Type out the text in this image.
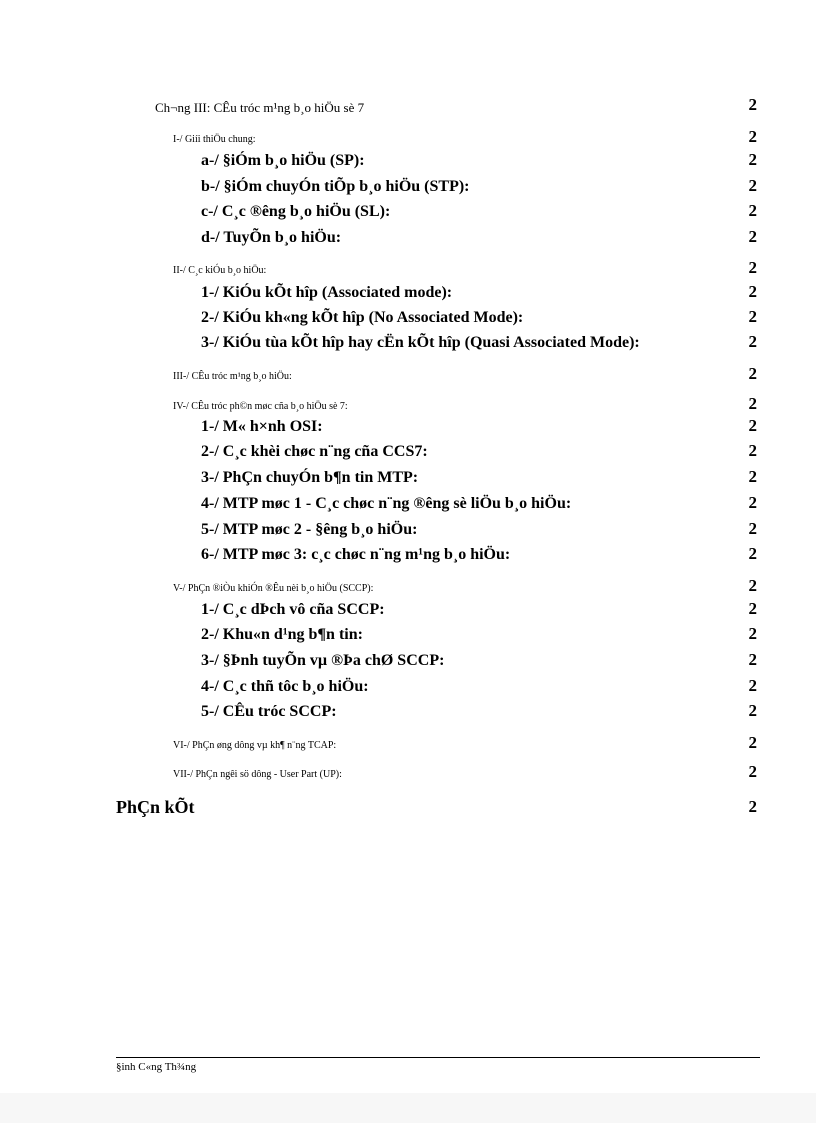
Ch¬ng III: CÊu tróc m¹ng b¸o hiÖu sè 7	2
I-/ Giíi thiÖu chung:	2
a-/ §iÓm b¸o hiÖu (SP):	2
b-/ §iÓm chuyÓn tiÕp b¸o hiÖu (STP):	2
c-/ C¸c ®êng b¸o hiÖu (SL):	2
d-/ TuyÕn b¸o hiÖu:	2
II-/ C¸c kiÓu b¸o hiÖu:	2
1-/ KiÓu kÕt hîp (Associated mode):	2
2-/ KiÓu kh«ng kÕt hîp (No Associated Mode):	2
3-/ KiÓu tùa kÕt hîp hay cËn kÕt hîp (Quasi Associated Mode):	2
III-/ CÊu tróc m¹ng b¸o hiÖu:	2
IV-/ CÊu tróc ph©n møc cña b¸o hiÖu sè 7:	2
1-/ M« h×nh OSI:	2
2-/ C¸c khèi chøc n¨ng cña CCS7:	2
3-/ PhÇn chuyÓn b¶n tin MTP:	2
4-/ MTP møc 1 - C¸c chøc n¨ng ®êng sè liÖu b¸o hiÖu:	2
5-/ MTP møc 2 - §êng b¸o hiÖu:	2
6-/ MTP møc 3: c¸c chøc n¨ng m¹ng b¸o hiÖu:	2
V-/ PhÇn ®iÒu khiÓn ®Êu nèi b¸o hiÖu (SCCP):	2
1-/ C¸c dÞch vô cña SCCP:	2
2-/ Khu«n d¹ng b¶n tin:	2
3-/ §Þnh tuyÕn vµ ®Þa chØ SCCP:	2
4-/ C¸c thñ tôc b¸o hiÖu:	2
5-/ CÊu tróc SCCP:	2
VI-/ PhÇn øng dông vµ kh¶ n¨ng TCAP:	2
VII-/ PhÇn ngêi sö dông - User Part (UP):	2
PhÇn kÕt	2
§inh C«ng Th¾ng
